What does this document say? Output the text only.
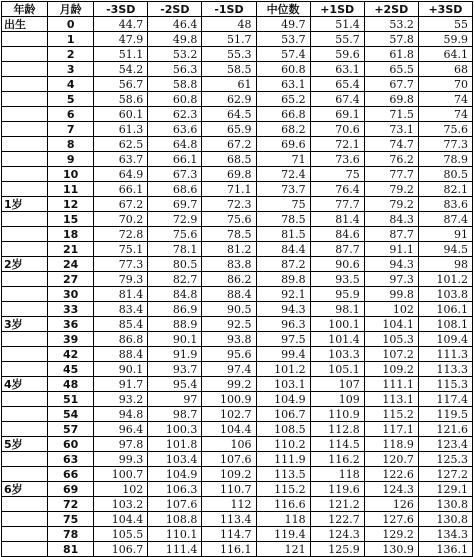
年龄	月龄	-3SD	-2SD	-1SD	中位数	+1SD	+2SD	+3SD
出生	0	44.7	46.4	48	49.7	51.4	53.2	55
	1	47.9	49.8	51.7	53.7	55.7	57.8	59.9
	2	51.1	53.2	55.3	57.4	59.6	61.8	64.1
	3	54.2	56.3	58.5	60.8	63.1	65.5	68
	4	56.7	58.8	61	63.1	65.4	67.7	70
	5	58.6	60.8	62.9	65.2	67.4	69.8	74
	6	60.1	62.3	64.5	66.8	69.1	71.5	74
	7	61.3	63.6	65.9	68.2	70.6	73.1	75.6
	8	62.5	64.8	67.2	69.6	72.1	74.7	77.3
	9	63.7	66.1	68.5	71	73.6	76.2	78.9
	10	64.9	67.3	69.8	72.4	75	77.7	80.5
	11	66.1	68.6	71.1	73.7	76.4	79.2	82.1
1岁	12	67.2	69.7	72.3	75	77.7	79.2	83.6
	15	70.2	72.9	75.6	78.5	81.4	84.3	87.4
	18	72.8	75.6	78.5	81.5	84.6	87.7	91
	21	75.1	78.1	81.2	84.4	87.7	91.1	94.5
2岁	24	77.3	80.5	83.8	87.2	90.6	94.3	98
	27	79.3	82.7	86.2	89.8	93.5	97.3	101.2
	30	81.4	84.8	88.4	92.1	95.9	99.8	103.8
	33	83.4	86.9	90.5	94.3	98.1	102	106.1
3岁	36	85.4	88.9	92.5	96.3	100.1	104.1	108.1
	39	86.8	90.1	93.8	97.5	101.4	105.3	109.4
	42	88.4	91.9	95.6	99.4	103.3	107.2	111.3
	45	90.1	93.7	97.4	101.2	105.1	109.2	113.3
4岁	48	91.7	95.4	99.2	103.1	107	111.1	115.3
	51	93.2	97	100.9	104.9	109	113.1	117.4
	54	94.8	98.7	102.7	106.7	110.9	115.2	119.5
	57	96.4	100.3	104.4	108.5	112.8	117.1	121.6
5岁	60	97.8	101.8	106	110.2	114.5	118.9	123.4
	63	99.3	103.4	107.6	111.9	116.2	120.7	125.3
	66	100.7	104.9	109.2	113.5	118	122.6	127.2
6岁	69	102	106.3	110.7	115.2	119.6	124.3	129.1
	72	103.2	107.6	112	116.6	121.2	126	130.8
	75	104.4	108.8	113.4	118	122.7	127.6	130.8
	78	105.5	110.1	114.7	119.4	124.3	129.2	134.3
	81	106.7	111.4	116.1	121	125.9	130.9	136.1
